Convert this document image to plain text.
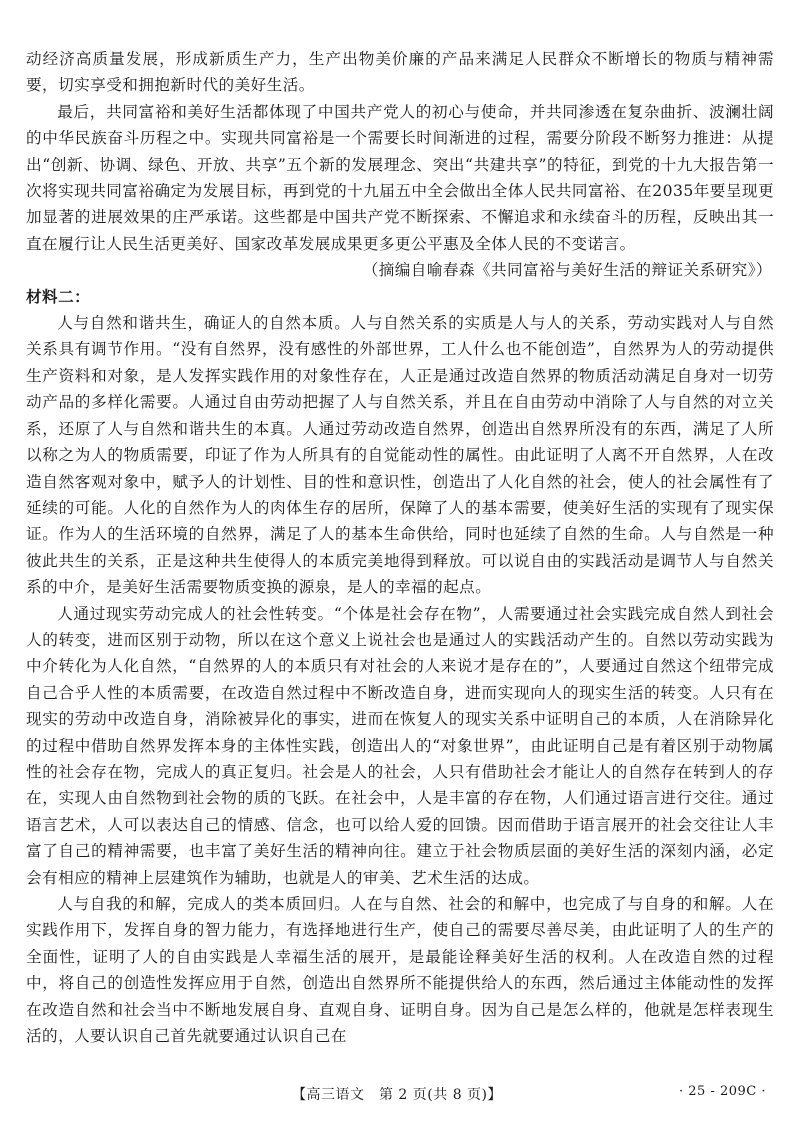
动经济高质量发展，形成新质生产力，生产出物美价廉的产品来满足人民群众不断增长的物质与精神需要，切实享受和拥抱新时代的美好生活。

最后，共同富裕和美好生活都体现了中国共产党人的初心与使命，并共同渗透在复杂曲折、波澜壮阔的中华民族奋斗历程之中。实现共同富裕是一个需要长时间渐进的过程，需要分阶段不断努力推进：从提出“创新、协调、绿色、开放、共享”五个新的发展理念、突出“共建共享”的特征，到党的十九大报告第一次将实现共同富裕确定为发展目标，再到党的十九届五中全会做出全体人民共同富裕、在2035年要呈现更加显著的进展效果的庄严承诺。这些都是中国共产党不断探索、不懈追求和永续奋斗的历程，反映出其一直在履行让人民生活更美好、国家改革发展成果更多更公平惠及全体人民的不变诺言。

（摘编自喻春森《共同富裕与美好生活的辩证关系研究》）

材料二：

人与自然和谐共生，确证人的自然本质。人与自然关系的实质是人与人的关系，劳动实践对人与自然关系具有调节作用。“没有自然界，没有感性的外部世界，工人什么也不能创造”，自然界为人的劳动提供生产资料和对象，是人发挥实践作用的对象性存在，人正是通过改造自然界的物质活动满足自身对一切劳动产品的多样化需要。人通过自由劳动把握了人与自然关系，并且在自由劳动中消除了人与自然的对立关系，还原了人与自然和谐共生的本真。人通过劳动改造自然界，创造出自然界所没有的东西，满足了人所以称之为人的物质需要，印证了作为人所具有的自觉能动性的属性。由此证明了人离不开自然界，人在改造自然客观对象中，赋予人的计划性、目的性和意识性，创造出了人化自然的社会，使人的社会属性有了延续的可能。人化的自然作为人的肉体生存的居所，保障了人的基本需要，使美好生活的实现有了现实保证。作为人的生活环境的自然界，满足了人的基本生命供给，同时也延续了自然的生命。人与自然是一种彼此共生的关系，正是这种共生使得人的本质完美地得到释放。可以说自由的实践活动是调节人与自然关系的中介，是美好生活需要物质变换的源泉，是人的幸福的起点。

人通过现实劳动完成人的社会性转变。“个体是社会存在物”，人需要通过社会实践完成自然人到社会人的转变，进而区别于动物，所以在这个意义上说社会也是通过人的实践活动产生的。自然以劳动实践为中介转化为人化自然，“自然界的人的本质只有对社会的人来说才是存在的”，人要通过自然这个纽带完成自己合乎人性的本质需要，在改造自然过程中不断改造自身，进而实现向人的现实生活的转变。人只有在现实的劳动中改造自身，消除被异化的事实，进而在恢复人的现实关系中证明自己的本质，人在消除异化的过程中借助自然界发挥本身的主体性实践，创造出人的“对象世界”，由此证明自己是有着区别于动物属性的社会存在物，完成人的真正复归。社会是人的社会，人只有借助社会才能让人的自然存在转到人的存在，实现人由自然物到社会物的质的飞跃。在社会中，人是丰富的存在物，人们通过语言进行交往。通过语言艺术，人可以表达自己的情感、信念，也可以给人爱的回馈。因而借助于语言展开的社会交往让人丰富了自己的精神需要，也丰富了美好生活的精神向往。建立于社会物质层面的美好生活的深刻内涵，必定会有相应的精神上层建筑作为辅助，也就是人的审美、艺术生活的达成。

人与自我的和解，完成人的类本质回归。人在与自然、社会的和解中，也完成了与自身的和解。人在实践作用下，发挥自身的智力能力，有选择地进行生产，使自己的需要尽善尽美，由此证明了人的生产的全面性，证明了人的自由实践是人幸福生活的展开，是最能诠释美好生活的权利。人在改造自然的过程中，将自己的创造性发挥应用于自然，创造出自然界所不能提供给人的东西，然后通过主体能动性的发挥在改造自然和社会当中不断地发展自身、直观自身、证明自身。因为自己是怎么样的，他就是怎样表现生活的，人要认识自己首先就要通过认识自己在

【高三语文　第 2 页(共 8 页)】	· 25 - 209C ·
